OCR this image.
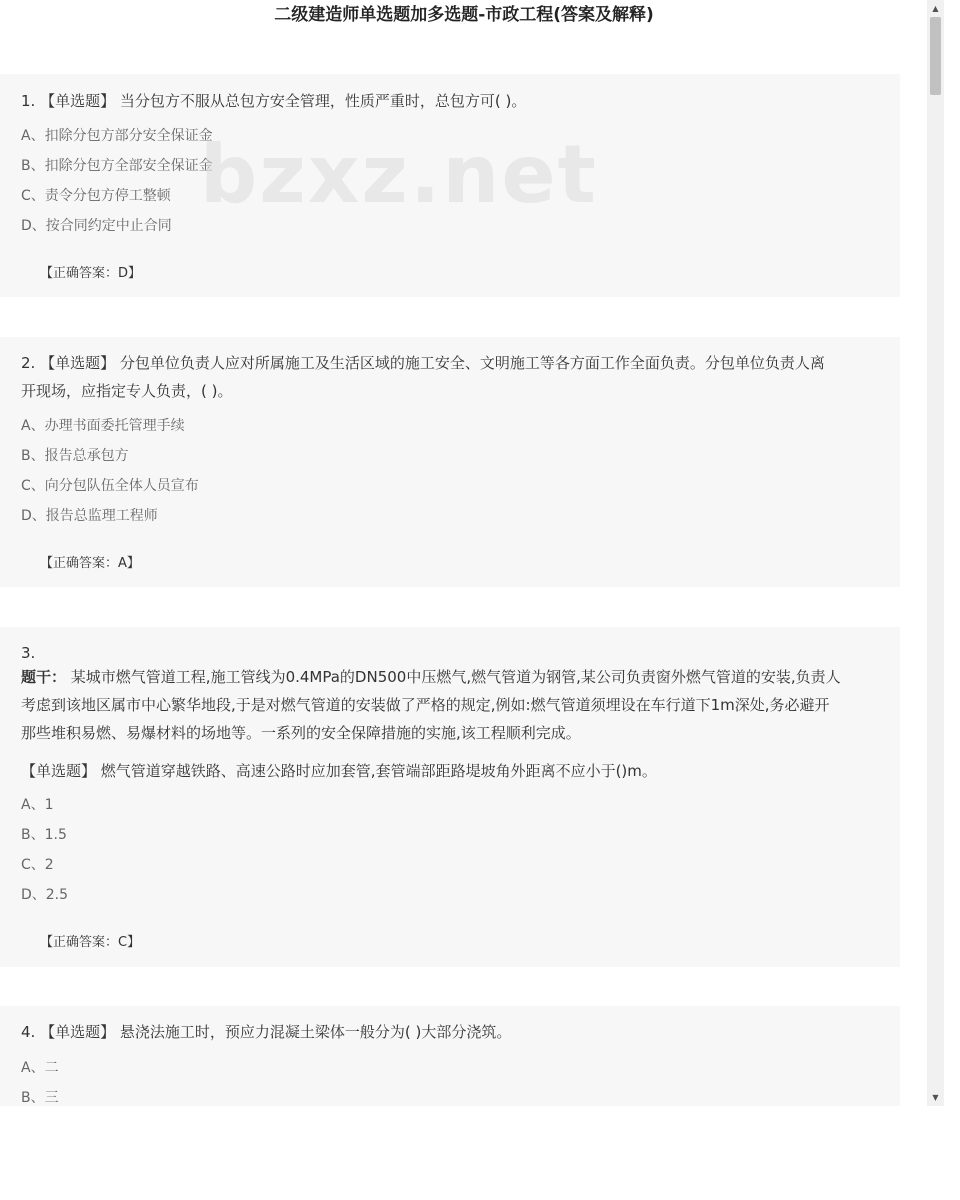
二级建造师单选题加多选题-市政工程(答案及解释)
1. 【单选题】 当分包方不服从总包方安全管理，性质严重时，总包方可( )。
A、扣除分包方部分安全保证金
B、扣除分包方全部安全保证金
C、责令分包方停工整顿
D、按合同约定中止合同
【正确答案：D】
2. 【单选题】 分包单位负责人应对所属施工及生活区域的施工安全、文明施工等各方面工作全面负责。分包单位负责人离
开现场，应指定专人负责，( )。
A、办理书面委托管理手续
B、报告总承包方
C、向分包队伍全体人员宣布
D、报告总监理工程师
【正确答案：A】
3.
题干： 某城市燃气管道工程,施工管线为0.4MPa的DN500中压燃气,燃气管道为钢管,某公司负责窗外燃气管道的安装,负责人
考虑到该地区属市中心繁华地段,于是对燃气管道的安装做了严格的规定,例如:燃气管道须埋设在车行道下1m深处,务必避开
那些堆积易燃、易爆材料的场地等。一系列的安全保障措施的实施,该工程顺利完成。
【单选题】 燃气管道穿越铁路、高速公路时应加套管,套管端部距路堤坡角外距离不应小于()m。
A、1
B、1.5
C、2
D、2.5
【正确答案：C】
4. 【单选题】 悬浇法施工时，预应力混凝土梁体一般分为( )大部分浇筑。
A、二
B、三
bzxz.net
▲
▼
